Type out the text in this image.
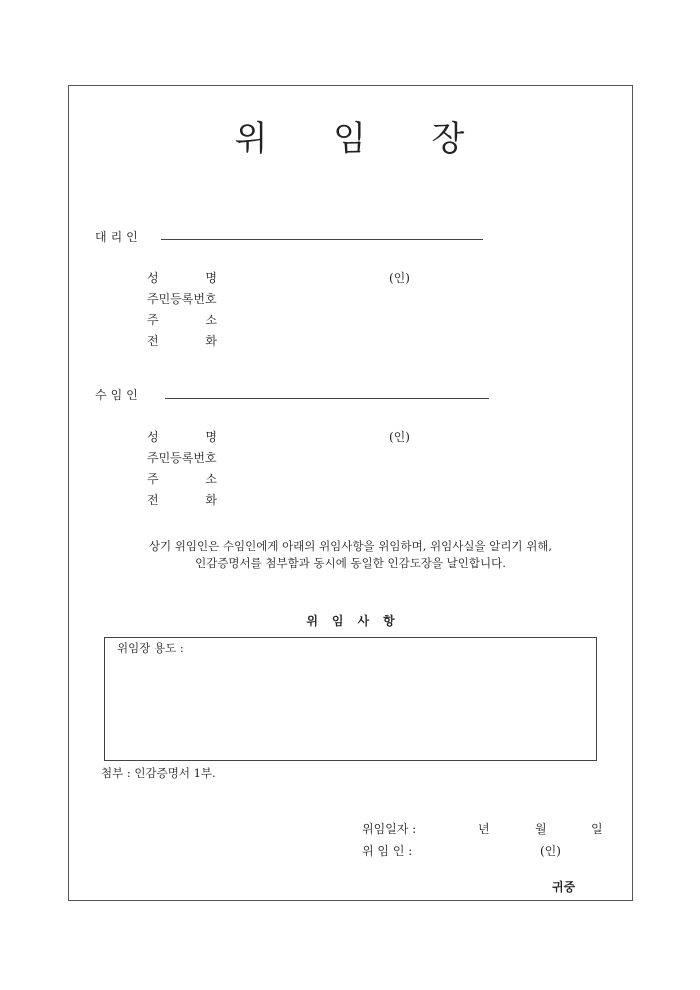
위 임 장
대리인
성	명	(인)
주민등록번호
주	소
전	화
수임인
성	명	(인)
주민등록번호
주	소
전	화
상기 위임인은 수임인에게 아래의 위임사항을 위임하며, 위임사실을 알리기 위해,
인감증명서를 첨부함과 동시에 동일한 인감도장을 날인합니다.
위임사항
위임장 용도 :
첨부 : 인감증명서 1부.
위임일자 :	년	월	일
위 임 인 :	(인)
귀중
